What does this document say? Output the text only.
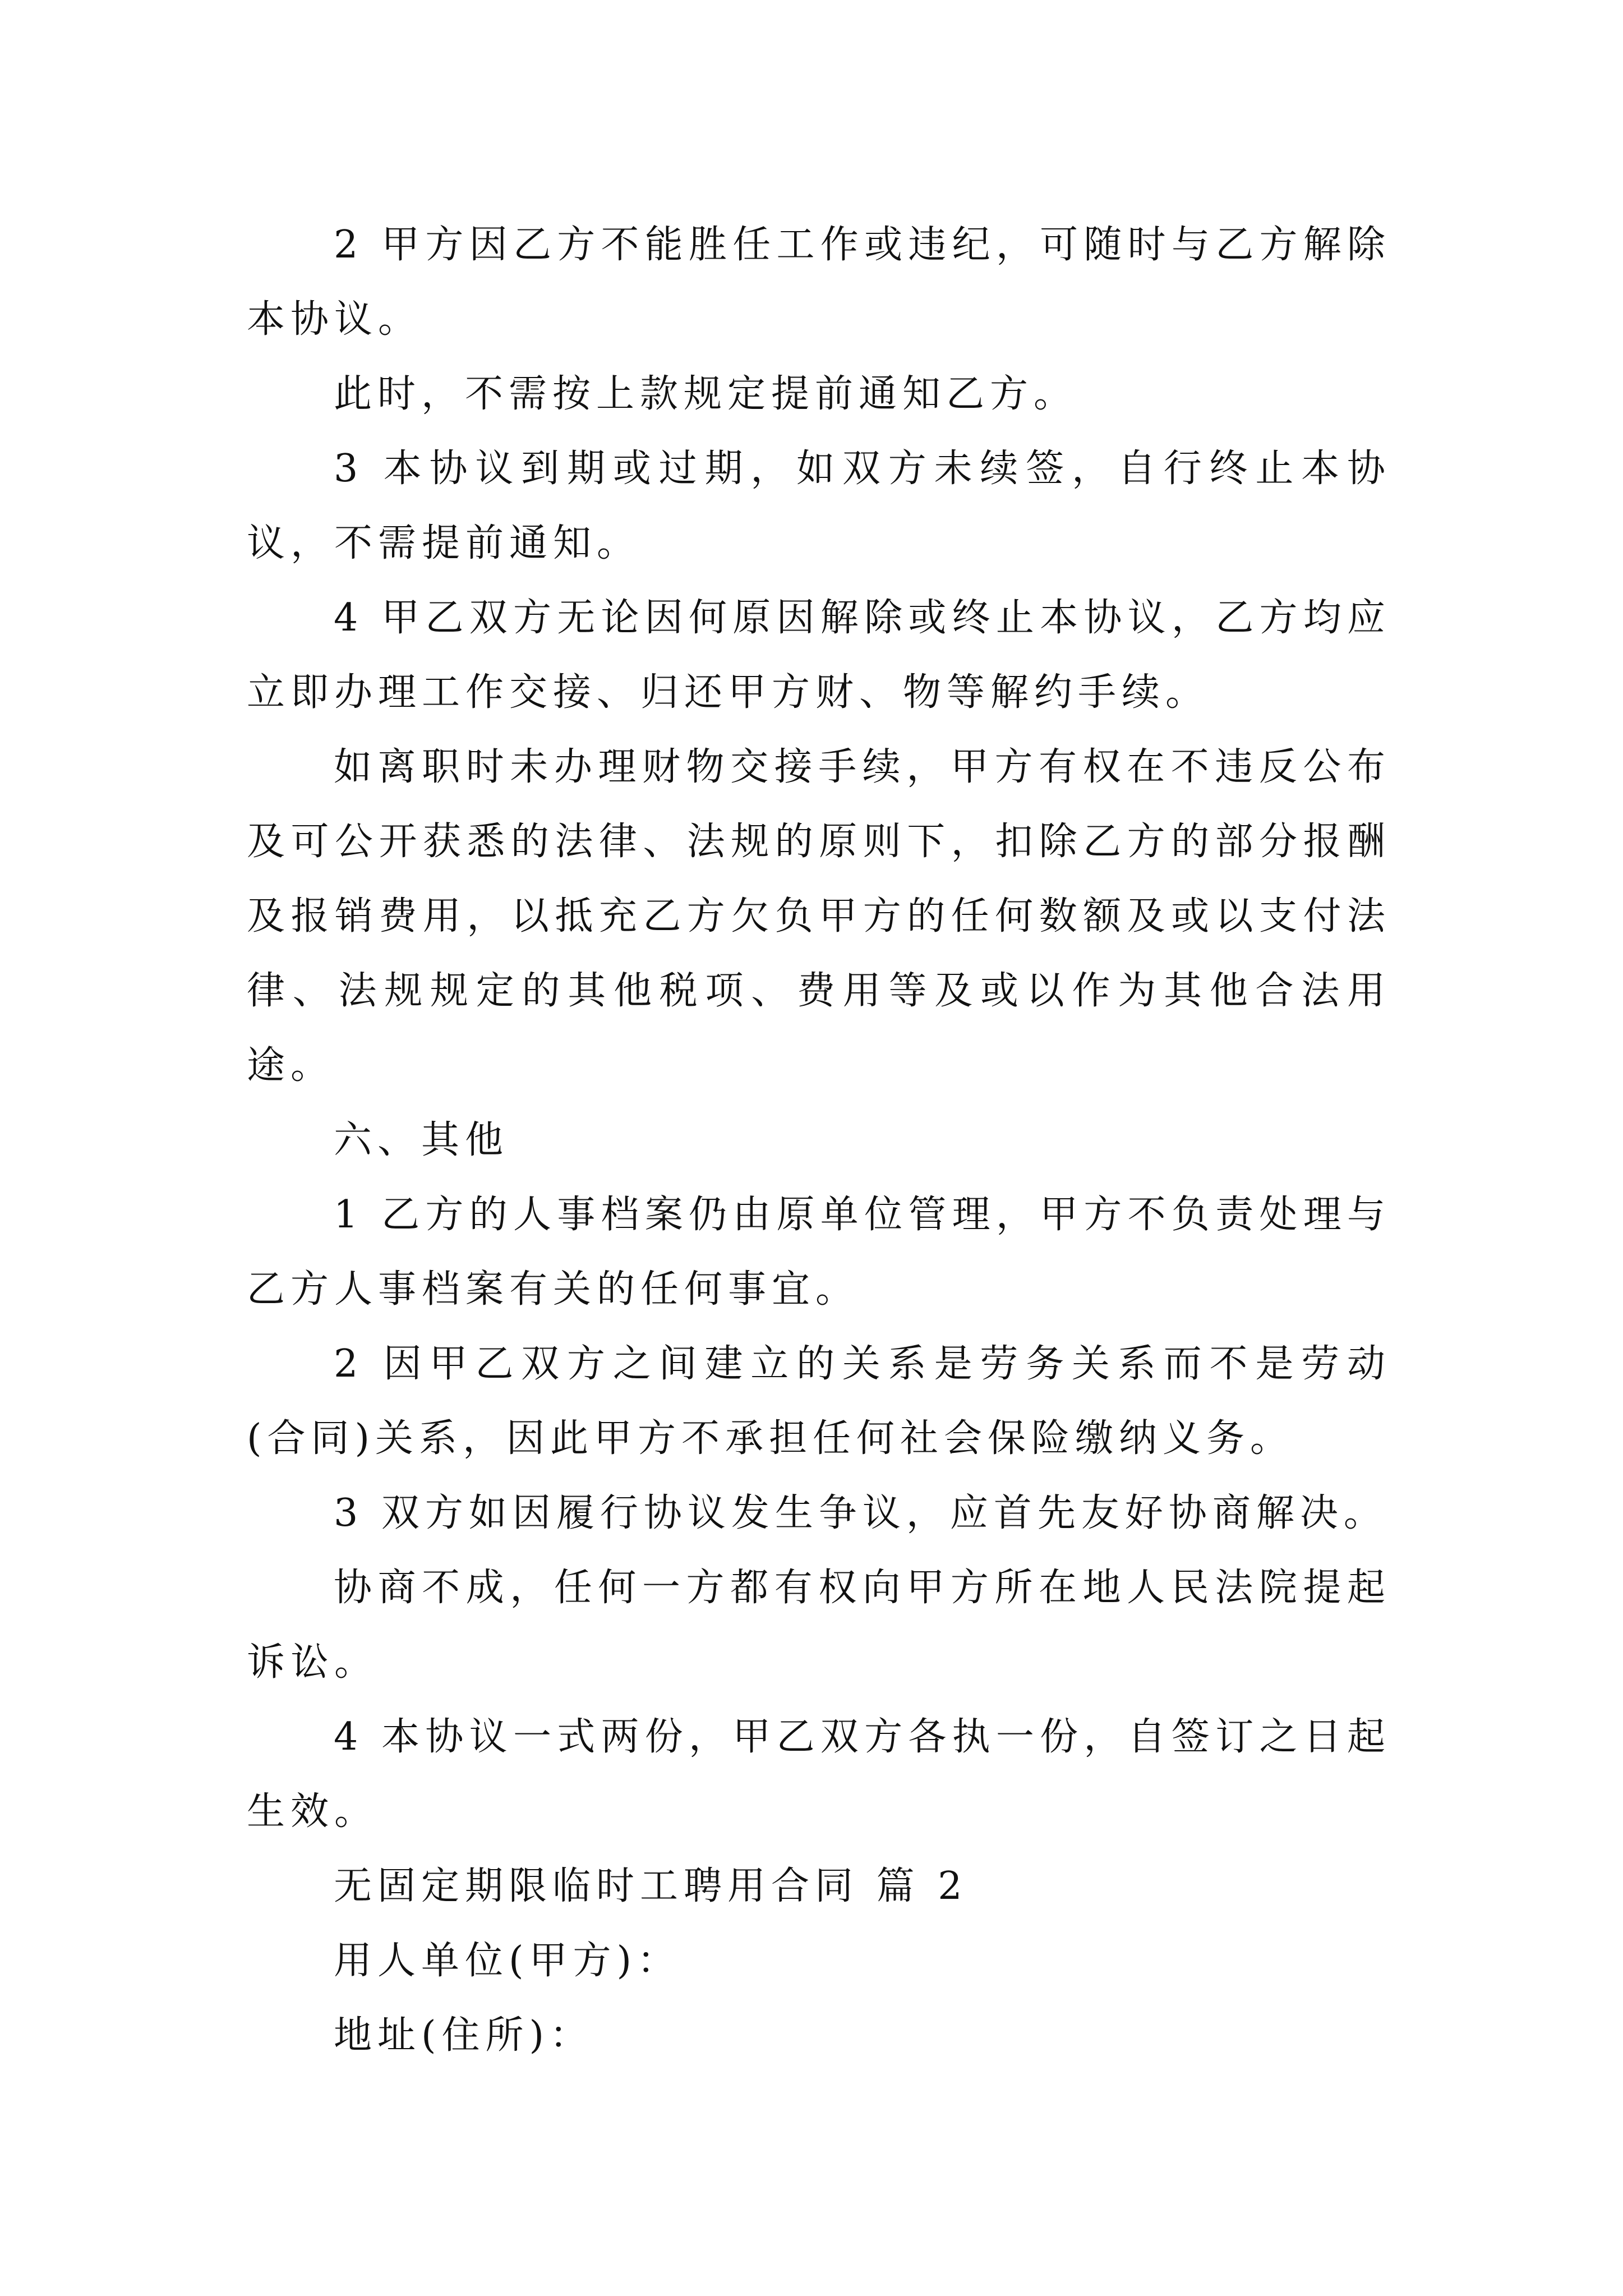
2 甲方因乙方不能胜任工作或违纪，可随时与乙方解除本协议。

此时，不需按上款规定提前通知乙方。

3 本协议到期或过期，如双方未续签，自行终止本协议，不需提前通知。

4 甲乙双方无论因何原因解除或终止本协议，乙方均应立即办理工作交接、归还甲方财、物等解约手续。

如离职时未办理财物交接手续，甲方有权在不违反公布及可公开获悉的法律、法规的原则下，扣除乙方的部分报酬及报销费用，以抵充乙方欠负甲方的任何数额及或以支付法律、法规规定的其他税项、费用等及或以作为其他合法用途。

六、其他

1 乙方的人事档案仍由原单位管理，甲方不负责处理与乙方人事档案有关的任何事宜。

2 因甲乙双方之间建立的关系是劳务关系而不是劳动(合同)关系，因此甲方不承担任何社会保险缴纳义务。

3 双方如因履行协议发生争议，应首先友好协商解决。

协商不成，任何一方都有权向甲方所在地人民法院提起诉讼。

4 本协议一式两份，甲乙双方各执一份，自签订之日起生效。

无固定期限临时工聘用合同 篇 2

用人单位(甲方)：

地址(住所)：
